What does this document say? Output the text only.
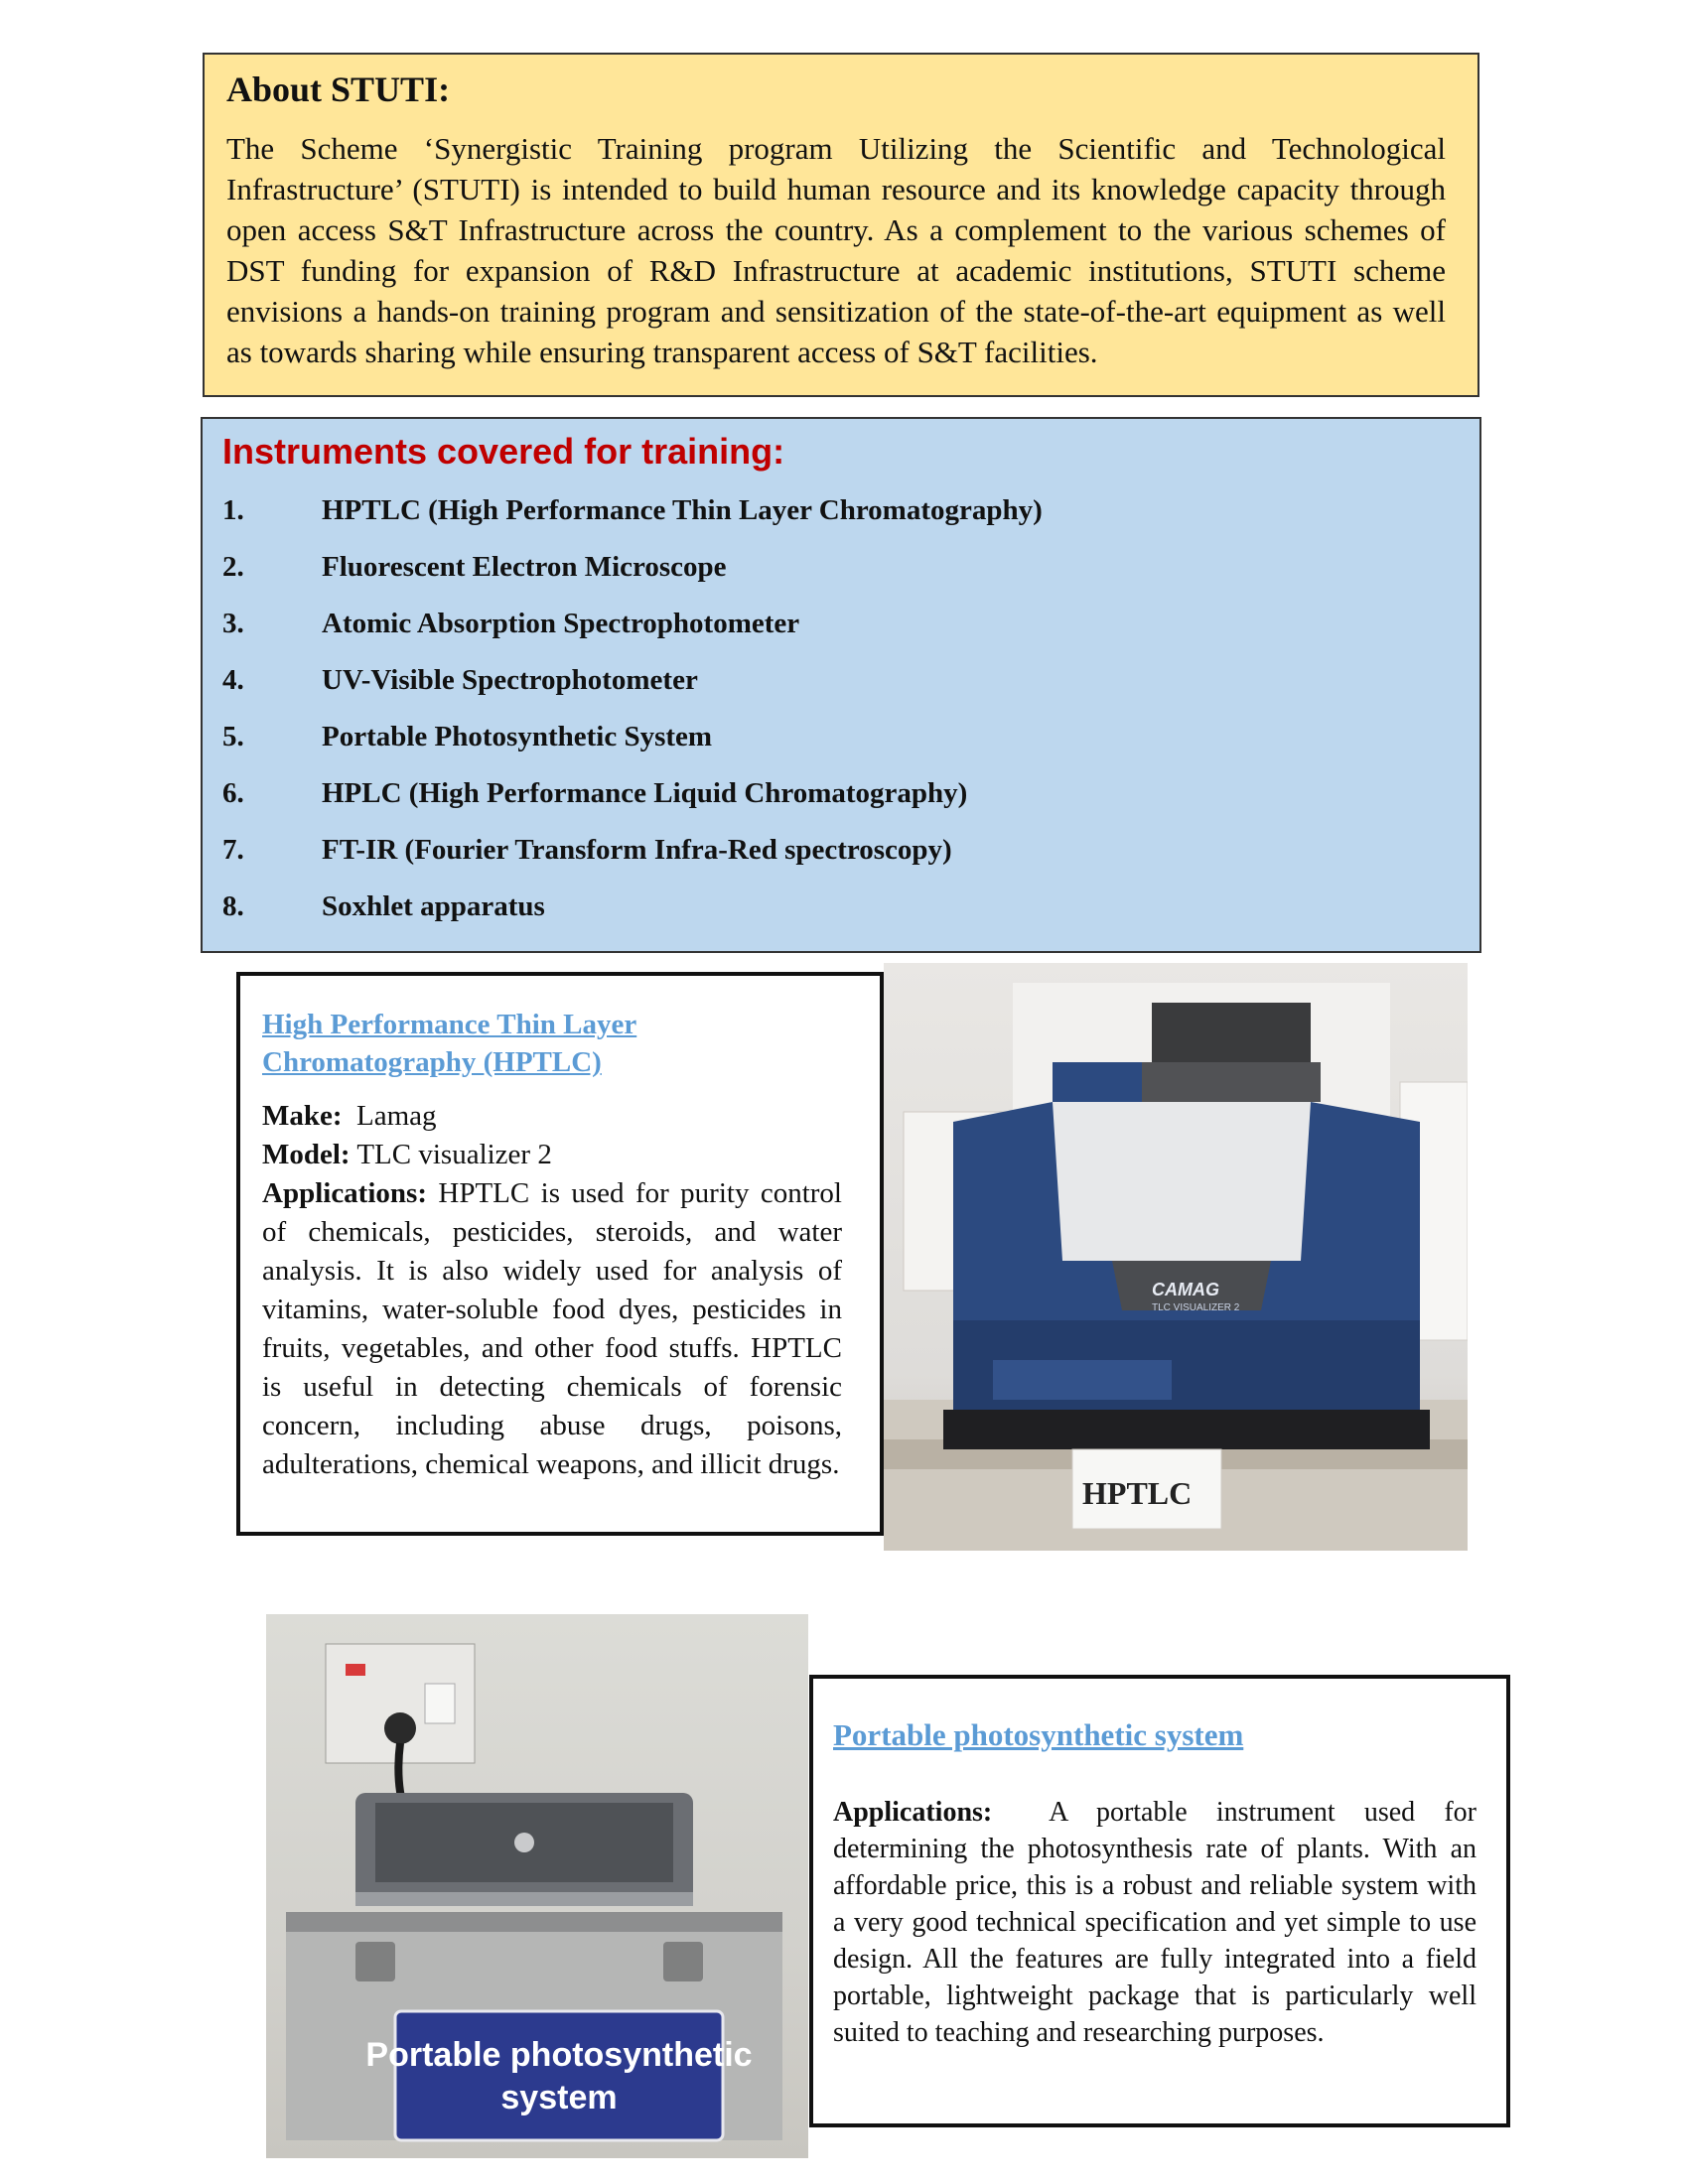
About STUTI:

The Scheme ‘Synergistic Training program Utilizing the Scientific and Technological Infrastructure’ (STUTI) is intended to build human resource and its knowledge capacity through open access S&T Infrastructure across the country. As a complement to the various schemes of DST funding for expansion of R&D Infrastructure at academic institutions, STUTI scheme envisions a hands-on training program and sensitization of the state-of-the-art equipment as well as towards sharing while ensuring transparent access of S&T facilities.

Instruments covered for training:
1.	HPTLC (High Performance Thin Layer Chromatography)
2.	Fluorescent Electron Microscope
3.	Atomic Absorption Spectrophotometer
4.	UV-Visible Spectrophotometer
5.	Portable Photosynthetic System
6.	HPLC (High Performance Liquid Chromatography)
7.	FT-IR (Fourier Transform Infra-Red spectroscopy)
8.	Soxhlet apparatus
High Performance Thin Layer
Chromatography (HPTLC)

Make: Lamag

Model: TLC visualizer 2

Applications: HPTLC is used for purity control of chemicals, pesticides, steroids, and water analysis. It is also widely used for analysis of vitamins, water-soluble food dyes, pesticides in fruits, vegetables, and other food stuffs. HPTLC is useful in detecting chemicals of forensic concern, including abuse drugs, poisons, adulterations, chemical weapons, and illicit drugs.

CAMAG
TLC VISUALIZER 2
HPTLC
Portable photosynthetic
system
Portable photosynthetic system

Applications: A portable instrument used for determining the photosynthesis rate of plants. With an affordable price, this is a robust and reliable system with a very good technical specification and yet simple to use design. All the features are fully integrated into a field portable, lightweight package that is particularly well suited to teaching and researching purposes.
